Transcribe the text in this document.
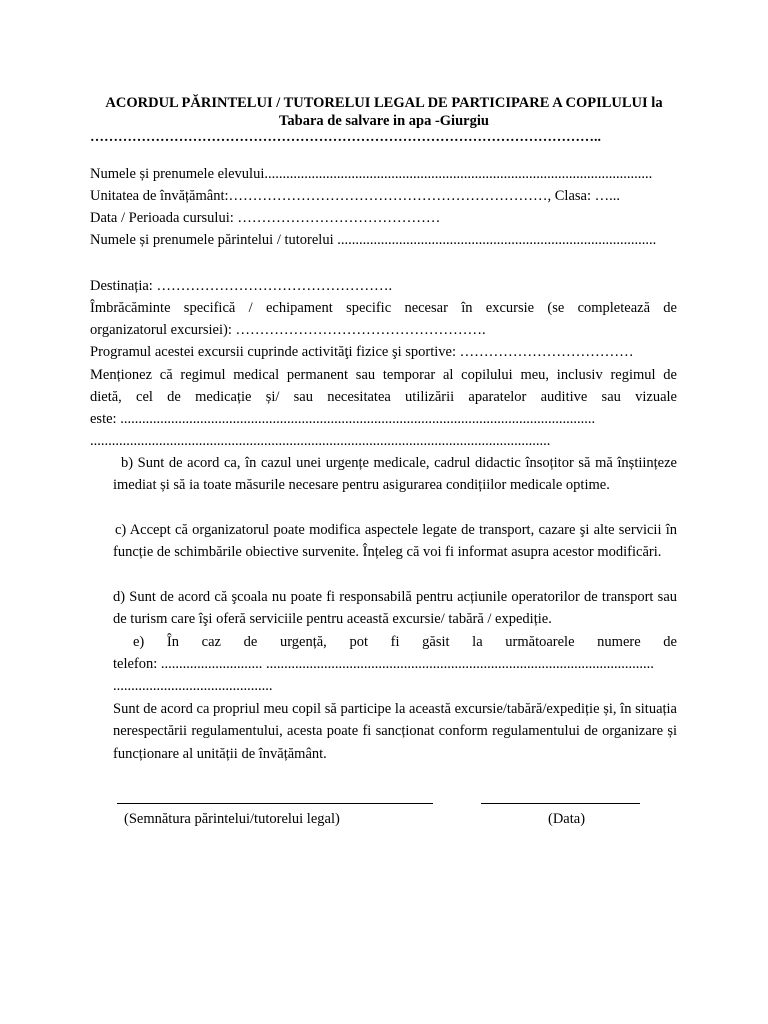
ACORDUL PĂRINTELUI / TUTORELUI LEGAL DE PARTICIPARE A COPILULUI la
Tabara de salvare in apa -Giurgiu
………………………………………………………………………………………………..
Numele și prenumele elevului...........................................................................................................
Unitatea de învățământ:…………………………………………………………, Clasa: …...
Data / Perioada cursului: ……………………………………
Numele și prenumele părintelui / tutorelui ........................................................................................
Destinația: ………………………………………….
Îmbrăcăminte specifică / echipament specific necesar în excursie (se completează de
organizatorul excursiei): …………………………………………….
Programul acestei excursii cuprinde activităţi fizice şi sportive: ………………………………
Menționez că regimul medical permanent sau temporar al copilului meu, inclusiv regimul de
dietă, cel de medicație și/ sau necesitatea utilizării aparatelor auditive sau vizuale
este: ...................................................................................................................................
...............................................................................................................................
b) Sunt de acord ca, în cazul unei urgențe medicale, cadrul didactic însoțitor să mă înștiințeze imediat și să ia toate măsurile necesare pentru asigurarea condițiilor medicale optime.
c) Accept că organizatorul poate modifica aspectele legate de transport, cazare şi alte servicii în funcție de schimbările obiective survenite. Înțeleg că voi fi informat asupra acestor modificări.
d) Sunt de acord că şcoala nu poate fi responsabilă pentru acțiunile operatorilor de transport sau de turism care îşi oferă serviciile pentru această excursie/ tabără / expediție.
e) În caz de urgență, pot fi găsit la următoarele numere de
telefon: ............................ ...........................................................................................................
............................................
Sunt de acord ca propriul meu copil să participe la această excursie/tabără/expediție și, în situația nerespectării regulamentului, acesta poate fi sancționat conform regulamentului de organizare și funcționare al unității de învățământ.
(Semnătura părintelui/tutorelui legal)	(Data)
